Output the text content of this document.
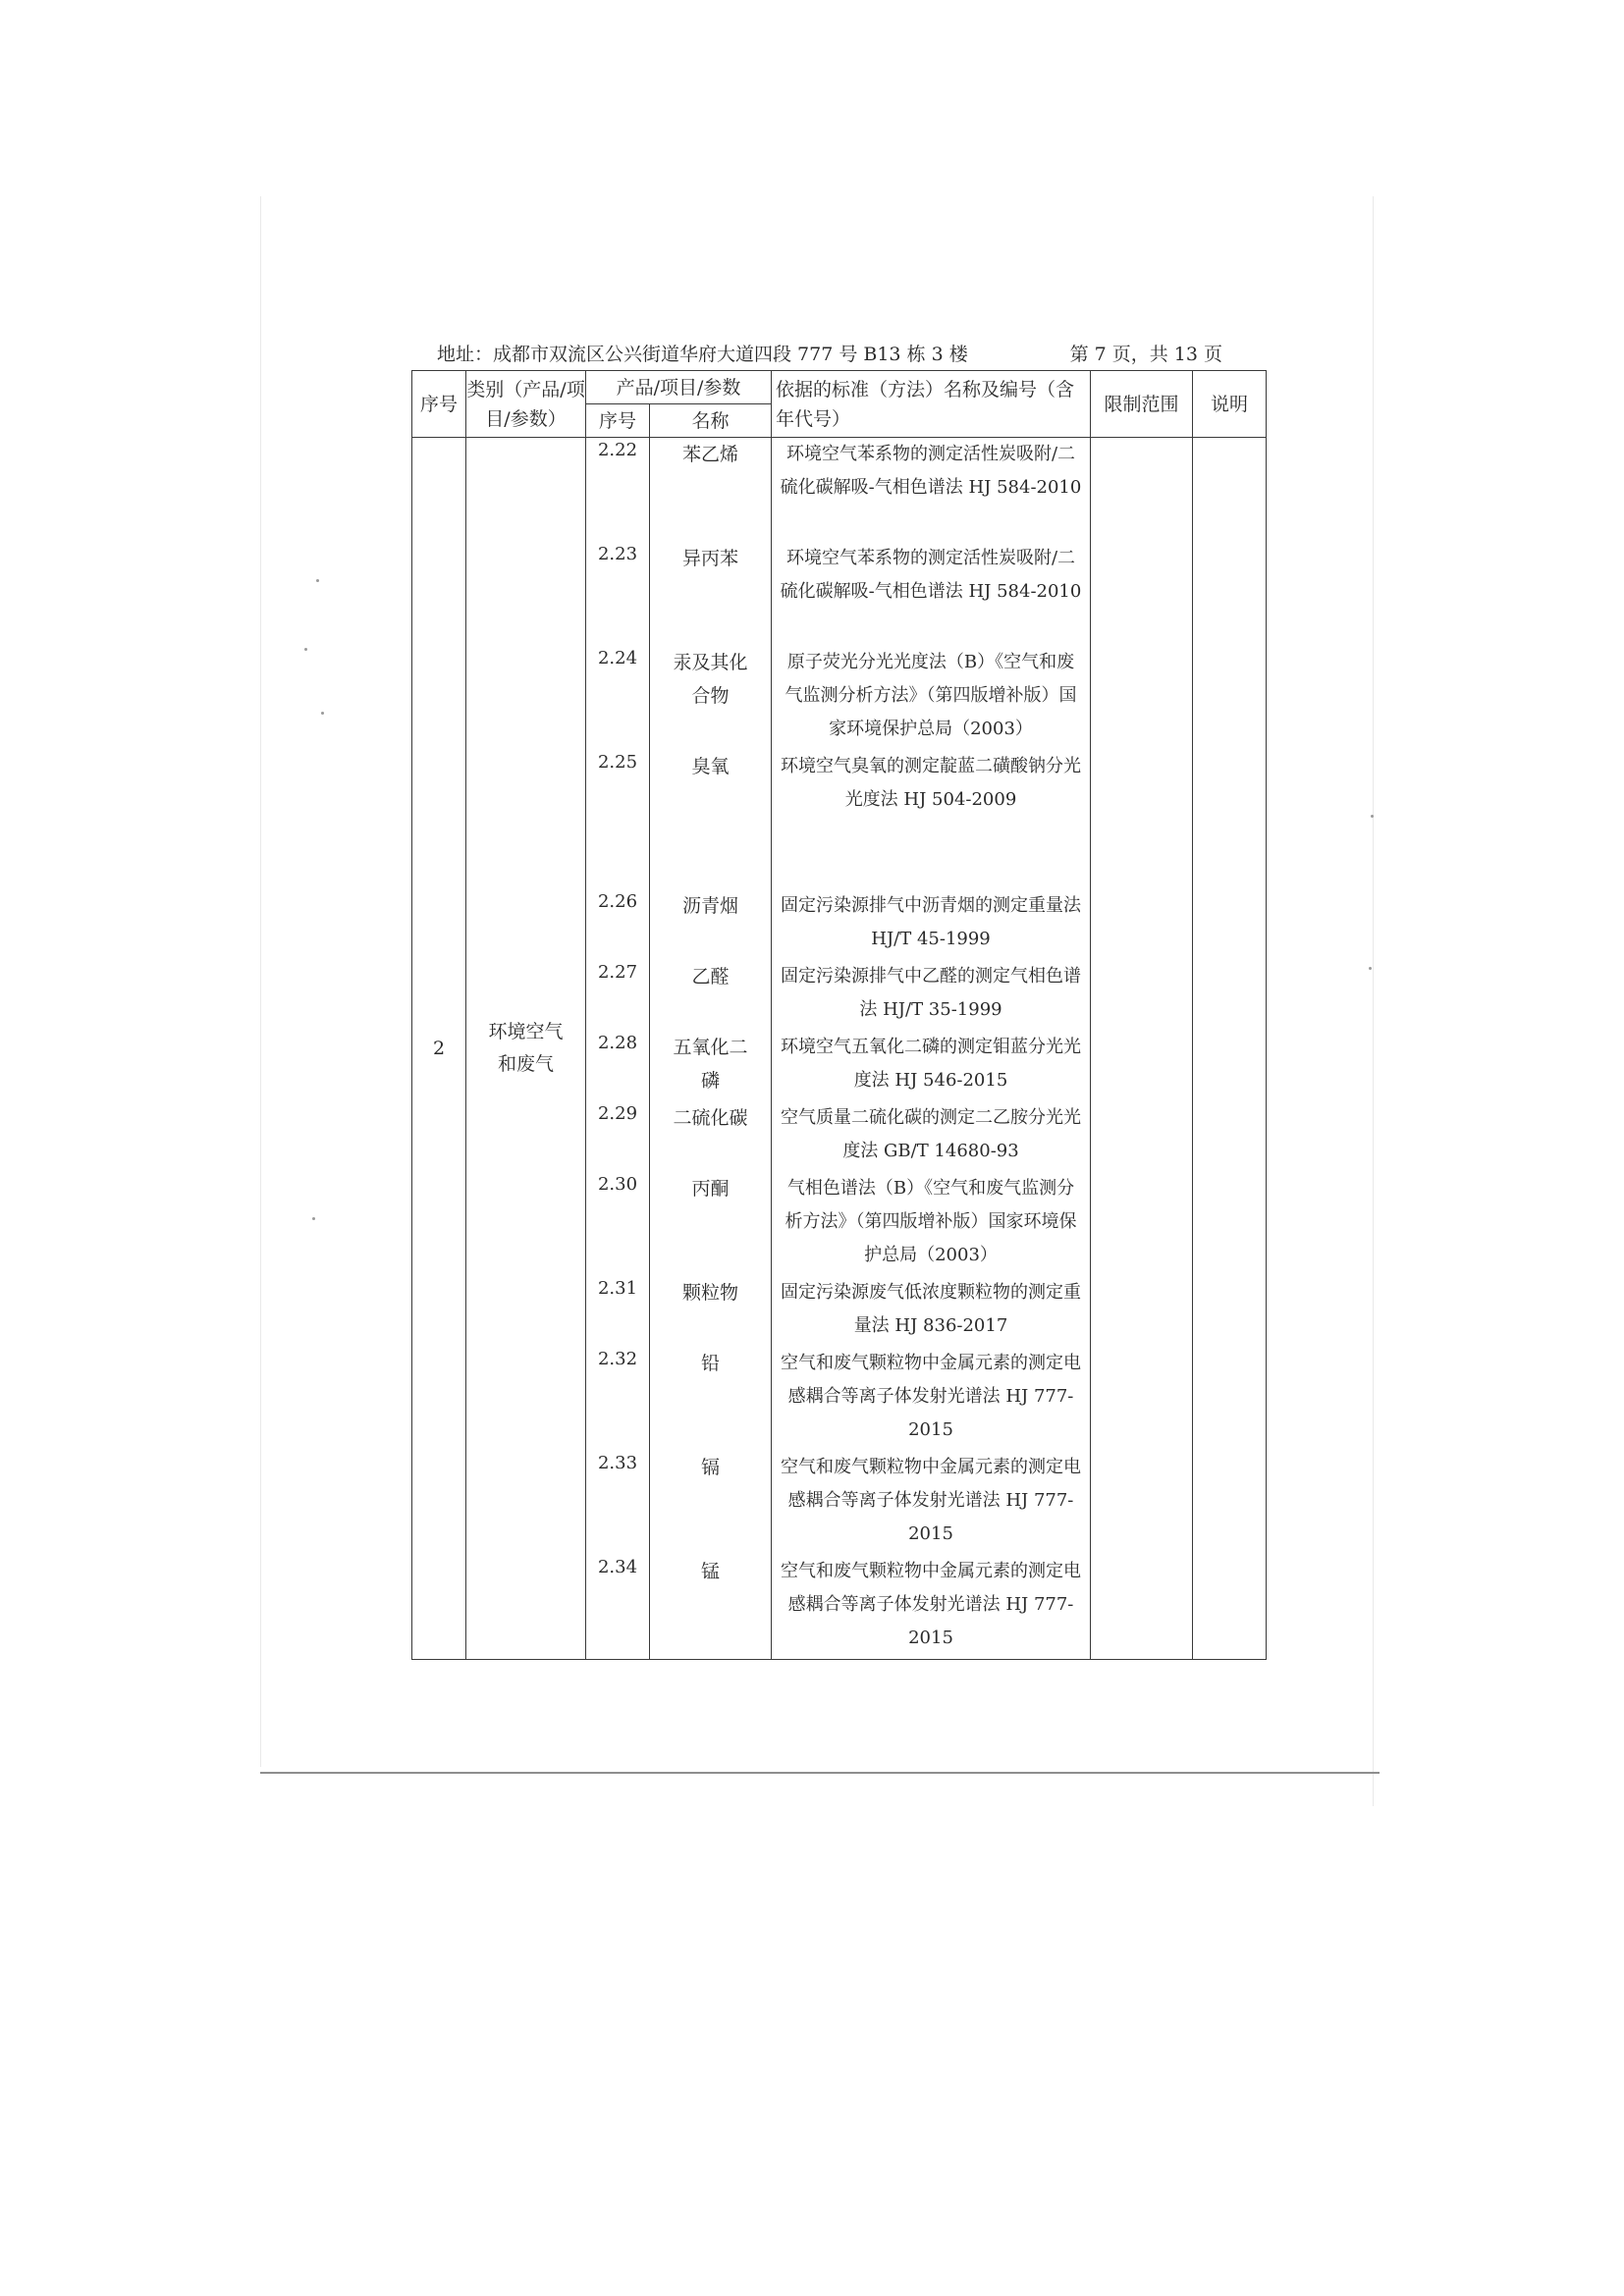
地址：成都市双流区公兴街道华府大道四段 777 号 B13 栋 3 楼	第 7 页，共 13 页
序号	类别（产品/项目/参数）	产品/项目/参数		依据的标准（方法）名称及编号（含年代号）	限制范围	说明
		序号	名称			
2	环境空气和废气	2.22	苯乙烯	环境空气苯系物的测定活性炭吸附/二硫化碳解吸-气相色谱法 HJ 584-2010		
		2.23	异丙苯	环境空气苯系物的测定活性炭吸附/二硫化碳解吸-气相色谱法 HJ 584-2010		
		2.24	汞及其化合物	原子荧光分光光度法（B）《空气和废气监测分析方法》（第四版增补版）国家环境保护总局（2003）		
		2.25	臭氧	环境空气臭氧的测定靛蓝二磺酸钠分光光度法 HJ 504-2009		
		2.26	沥青烟	固定污染源排气中沥青烟的测定重量法 HJ/T 45-1999		
		2.27	乙醛	固定污染源排气中乙醛的测定气相色谱法 HJ/T 35-1999		
		2.28	五氧化二磷	环境空气五氧化二磷的测定钼蓝分光光度法 HJ 546-2015		
		2.29	二硫化碳	空气质量二硫化碳的测定二乙胺分光光度法 GB/T 14680-93		
		2.30	丙酮	气相色谱法（B）《空气和废气监测分析方法》（第四版增补版）国家环境保护总局（2003）		
		2.31	颗粒物	固定污染源废气低浓度颗粒物的测定重量法 HJ 836-2017		
		2.32	铅	空气和废气颗粒物中金属元素的测定电感耦合等离子体发射光谱法 HJ 777-2015		
		2.33	镉	空气和废气颗粒物中金属元素的测定电感耦合等离子体发射光谱法 HJ 777-2015		
		2.34	锰	空气和废气颗粒物中金属元素的测定电感耦合等离子体发射光谱法 HJ 777-2015		
